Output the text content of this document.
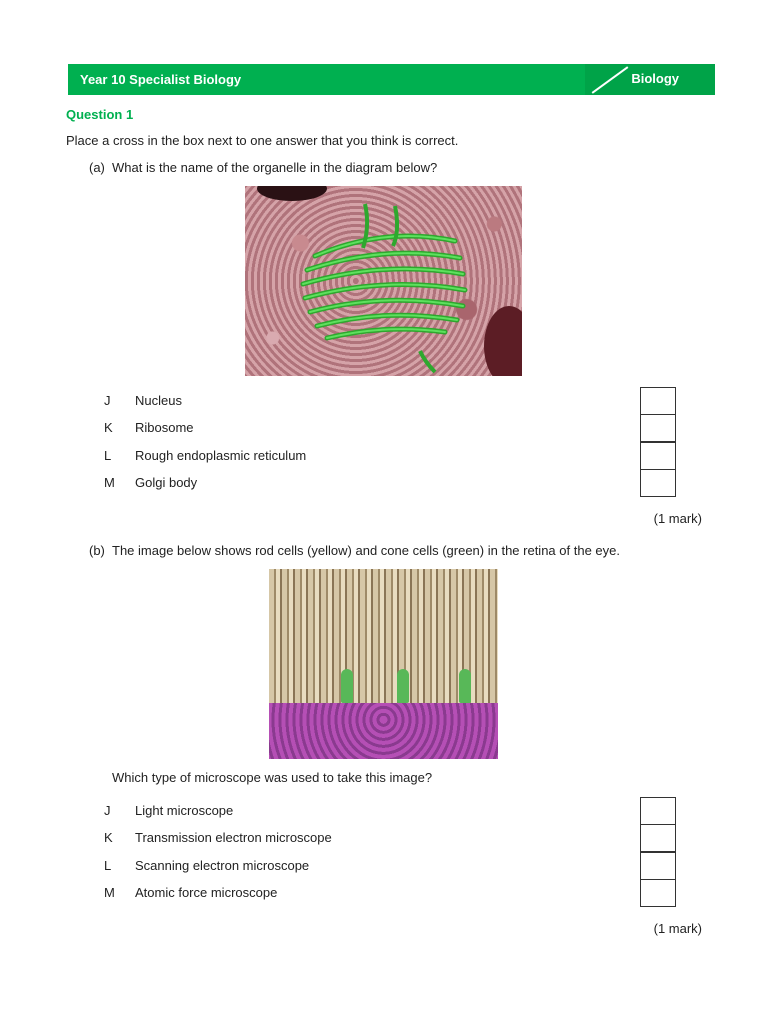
Year 10 Specialist Biology	Biology
Question 1
Place a cross in the box next to one answer that you think is correct.
(a) What is the name of the organelle in the diagram below?
J Nucleus
K Ribosome
L Rough endoplasmic reticulum
M Golgi body
(1 mark)
(b) The image below shows rod cells (yellow) and cone cells (green) in the retina of the eye.
Which type of microscope was used to take this image?
J Light microscope
K Transmission electron microscope
L Scanning electron microscope
M Atomic force microscope
(1 mark)
